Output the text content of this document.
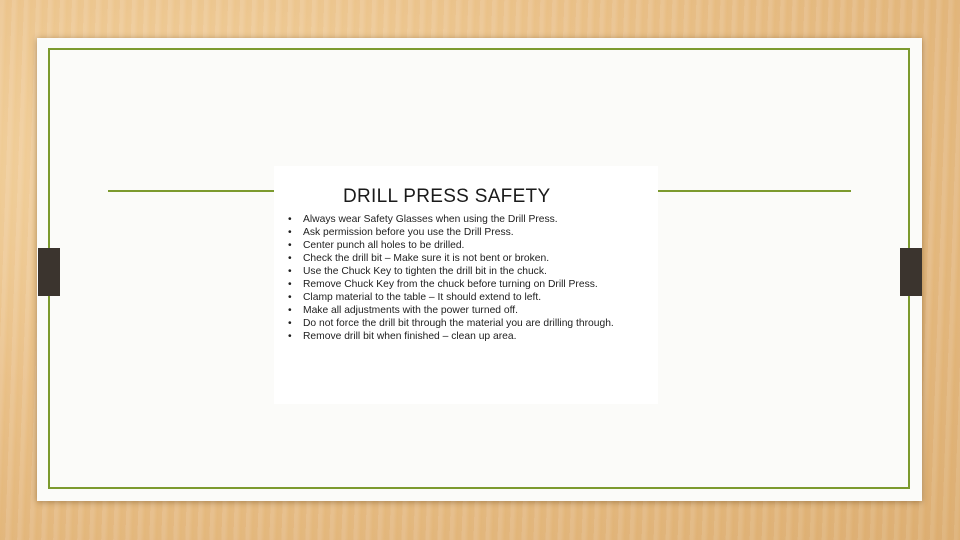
DRILL PRESS SAFETY
• Always wear Safety Glasses when using the Drill Press.
• Ask permission before you use the Drill Press.
• Center punch all holes to be drilled.
• Check the drill bit – Make sure it is not bent or broken.
• Use the Chuck Key to tighten the drill bit in the chuck.
• Remove Chuck Key from the chuck before turning on Drill Press.
• Clamp material to the table – It should extend to left.
• Make all adjustments with the power turned off.
• Do not force the drill bit through the material you are drilling through.
• Remove drill bit when finished – clean up area.
